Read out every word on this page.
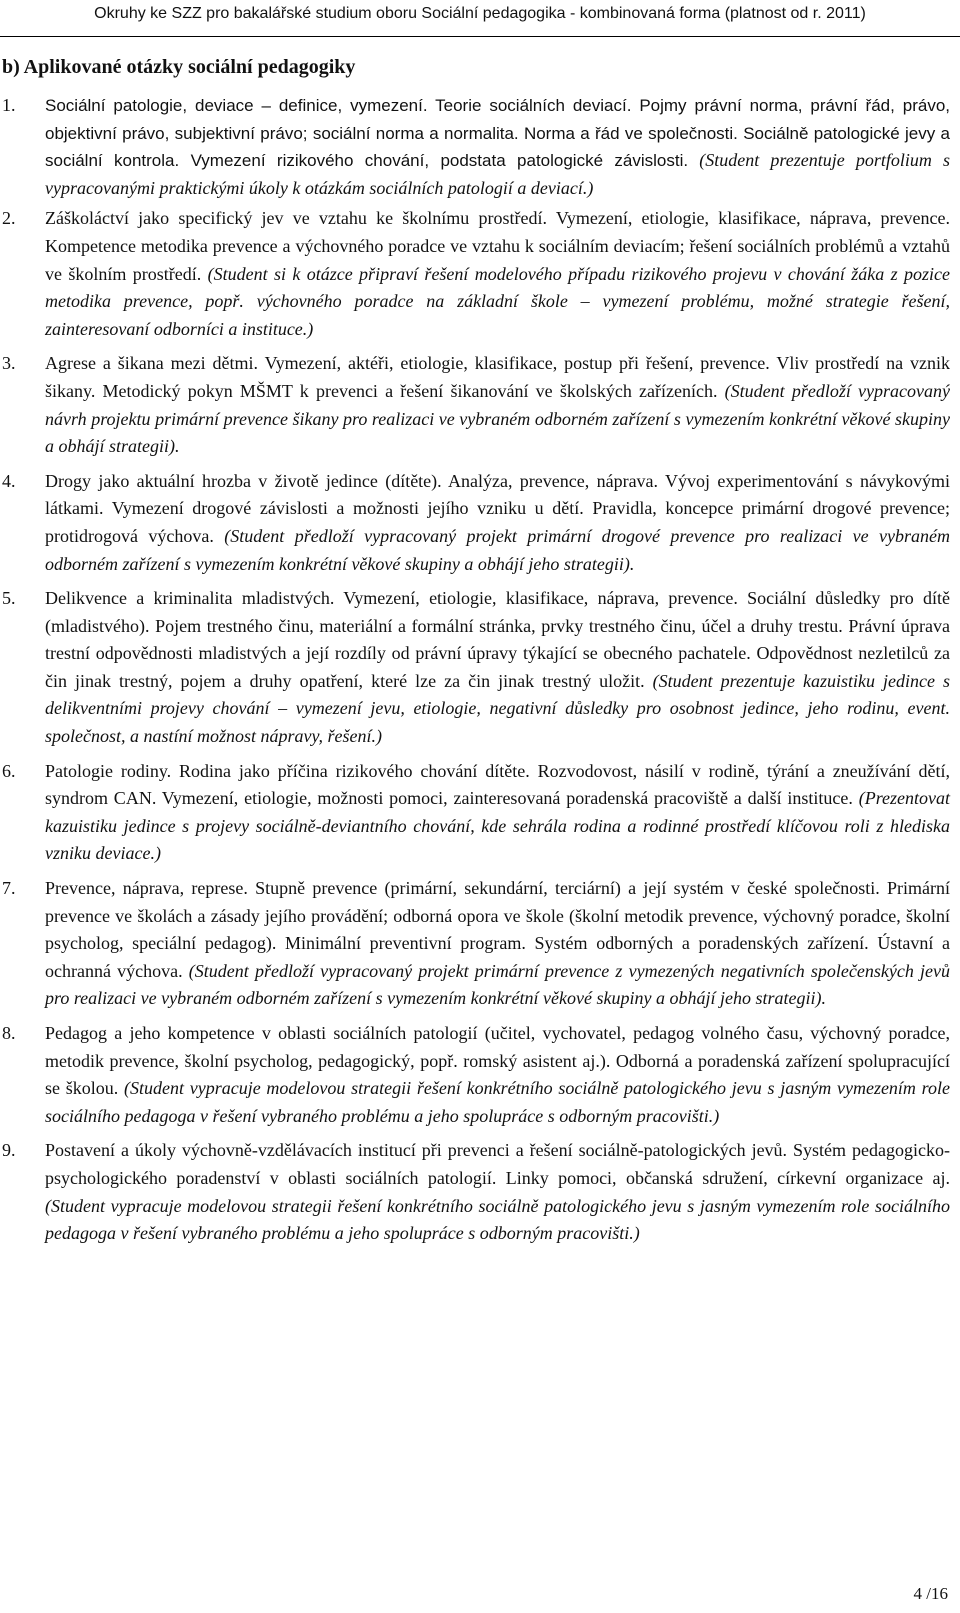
Okruhy ke SZZ pro bakalářské studium oboru Sociální pedagogika - kombinovaná forma (platnost od r. 2011)
b) Aplikované otázky sociální pedagogiky
1. Sociální patologie, deviace – definice, vymezení. Teorie sociálních deviací. Pojmy právní norma, právní řád, právo, objektivní právo, subjektivní právo; sociální norma a normalita. Norma a řád ve společnosti. Sociálně patologické jevy a sociální kontrola. Vymezení rizikového chování, podstata patologické závislosti. (Student prezentuje portfolium s vypracovanými praktickými úkoly k otázkám sociálních patologií a deviací.)
2. Záškoláctví jako specifický jev ve vztahu ke školnímu prostředí. Vymezení, etiologie, klasifikace, náprava, prevence. Kompetence metodika prevence a výchovného poradce ve vztahu k sociálním deviacím; řešení sociálních problémů a vztahů ve školním prostředí. (Student si k otázce připraví řešení modelového případu rizikového projevu v chování žáka z pozice metodika prevence, popř. výchovného poradce na základní škole – vymezení problému, možné strategie řešení, zainteresovaní odborníci a instituce.)
3. Agrese a šikana mezi dětmi. Vymezení, aktéři, etiologie, klasifikace, postup při řešení, prevence. Vliv prostředí na vznik šikany. Metodický pokyn MŠMT k prevenci a řešení šikanování ve školských zařízeních. (Student předloží vypracovaný návrh projektu primární prevence šikany pro realizaci ve vybraném odborném zařízení s vymezením konkrétní věkové skupiny a obhájí strategii).
4. Drogy jako aktuální hrozba v životě jedince (dítěte). Analýza, prevence, náprava. Vývoj experimentování s návykovými látkami. Vymezení drogové závislosti a možnosti jejího vzniku u dětí. Pravidla, koncepce primární drogové prevence; protidrogová výchova. (Student předloží vypracovaný projekt primární drogové prevence pro realizaci ve vybraném odborném zařízení s vymezením konkrétní věkové skupiny a obhájí jeho strategii).
5. Delikvence a kriminalita mladistvých. Vymezení, etiologie, klasifikace, náprava, prevence. Sociální důsledky pro dítě (mladistvého). Pojem trestného činu, materiální a formální stránka, prvky trestného činu, účel a druhy trestu. Právní úprava trestní odpovědnosti mladistvých a její rozdíly od právní úpravy týkající se obecného pachatele. Odpovědnost nezletilců za čin jinak trestný, pojem a druhy opatření, které lze za čin jinak trestný uložit. (Student prezentuje kazuistiku jedince s delikventními projevy chování – vymezení jevu, etiologie, negativní důsledky pro osobnost jedince, jeho rodinu, event. společnost, a nastíní možnost nápravy, řešení.)
6. Patologie rodiny. Rodina jako příčina rizikového chování dítěte. Rozvodovost, násilí v rodině, týrání a zneužívání dětí, syndrom CAN. Vymezení, etiologie, možnosti pomoci, zainteresovaná poradenská pracoviště a další instituce. (Prezentovat kazuistiku jedince s projevy sociálně-deviantního chování, kde sehrála rodina a rodinné prostředí klíčovou roli z hlediska vzniku deviace.)
7. Prevence, náprava, represe. Stupně prevence (primární, sekundární, terciární) a její systém v české společnosti. Primární prevence ve školách a zásady jejího provádění; odborná opora ve škole (školní metodik prevence, výchovný poradce, školní psycholog, speciální pedagog). Minimální preventivní program. Systém odborných a poradenských zařízení. Ústavní a ochranná výchova. (Student předloží vypracovaný projekt primární prevence z vymezených negativních společenských jevů pro realizaci ve vybraném odborném zařízení s vymezením konkrétní věkové skupiny a obhájí jeho strategii).
8. Pedagog a jeho kompetence v oblasti sociálních patologií (učitel, vychovatel, pedagog volného času, výchovný poradce, metodik prevence, školní psycholog, pedagogický, popř. romský asistent aj.). Odborná a poradenská zařízení spolupracující se školou. (Student vypracuje modelovou strategii řešení konkrétního sociálně patologického jevu s jasným vymezením role sociálního pedagoga v řešení vybraného problému a jeho spolupráce s odborným pracovišti.)
9. Postavení a úkoly výchovně-vzdělávacích institucí při prevenci a řešení sociálně-patologických jevů. Systém pedagogicko-psychologického poradenství v oblasti sociálních patologií. Linky pomoci, občanská sdružení, církevní organizace aj. (Student vypracuje modelovou strategii řešení konkrétního sociálně patologického jevu s jasným vymezením role sociálního pedagoga v řešení vybraného problému a jeho spolupráce s odborným pracovišti.)
4 /16
